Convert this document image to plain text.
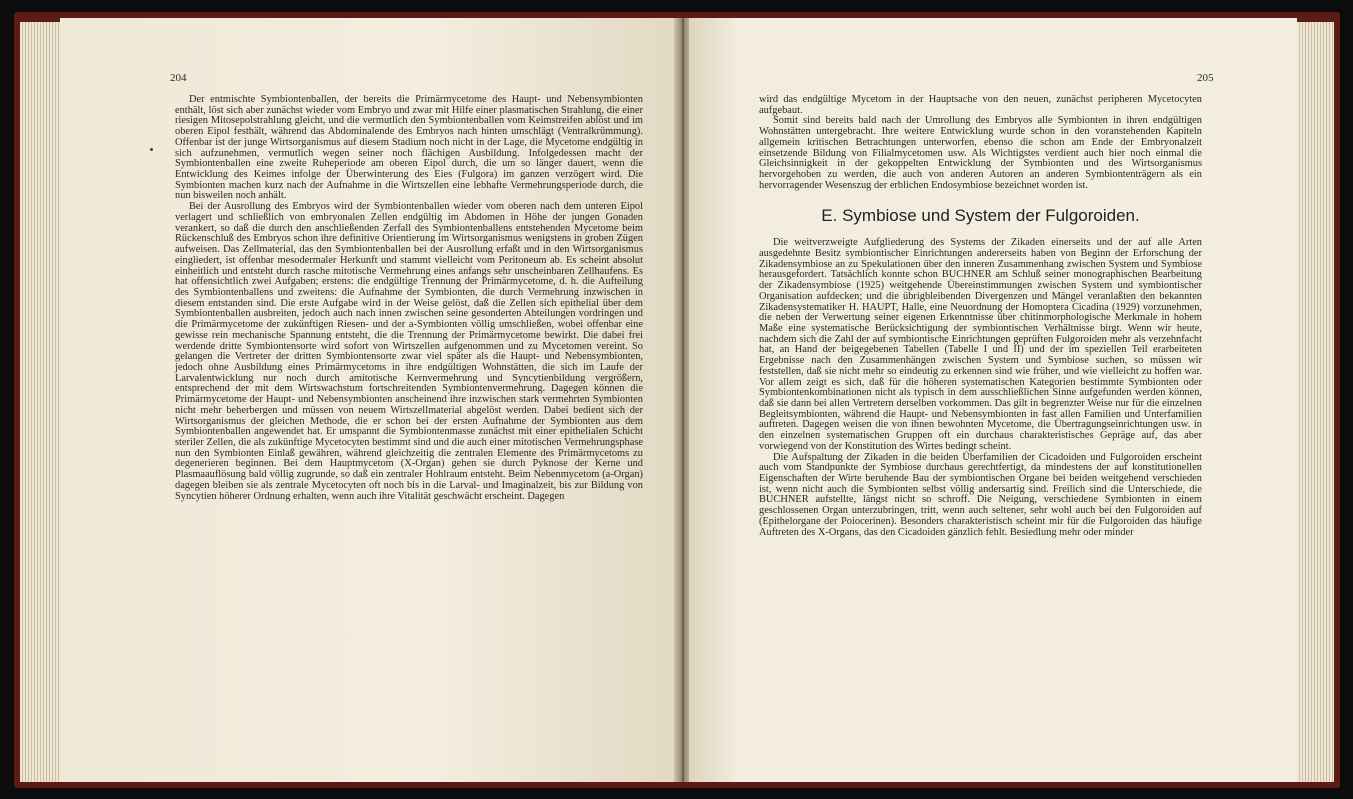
204

Der entmischte Symbiontenballen, der bereits die Primärmycetome des Haupt- und Nebensymbionten enthält, löst sich aber zunächst wieder vom Embryo und zwar mit Hilfe einer plasmatischen Strahlung, die einer riesigen Mitosepolstrahlung gleicht, und die vermutlich den Symbiontenballen vom Keimstreifen ablöst und im oberen Eipol festhält, während das Abdominalende des Embryos nach hinten umschlägt (Ventralkrümmung). Offenbar ist der junge Wirtsorganismus auf diesem Stadium noch nicht in der Lage, die Mycetome endgültig in sich aufzunehmen, vermutlich wegen seiner noch flächigen Ausbildung. Infolgedessen macht der Symbiontenballen eine zweite Ruheperiode am oberen Eipol durch, die um so länger dauert, wenn die Entwicklung des Keimes infolge der Überwinterung des Eies (Fulgora) im ganzen verzögert wird. Die Symbionten machen kurz nach der Aufnahme in die Wirtszellen eine lebhafte Vermehrungsperiode durch, die nun bisweilen noch anhält.

Bei der Ausrollung des Embryos wird der Symbiontenballen wieder vom oberen nach dem unteren Eipol verlagert und schließlich von embryonalen Zellen endgültig im Abdomen in Höhe der jungen Gonaden verankert, so daß die durch den anschließenden Zerfall des Symbiontenballens entstehenden Mycetome beim Rückenschluß des Embryos schon ihre definitive Orientierung im Wirtsorganismus wenigstens in groben Zügen aufweisen. Das Zellmaterial, das den Symbiontenballen bei der Ausrollung erfaßt und in den Wirtsorganismus eingliedert, ist offenbar mesodermaler Herkunft und stammt vielleicht vom Peritoneum ab. Es scheint absolut einheitlich und entsteht durch rasche mitotische Vermehrung eines anfangs sehr unscheinbaren Zellhaufens. Es hat offensichtlich zwei Aufgaben; erstens: die endgültige Trennung der Primärmycetome, d. h. die Aufteilung des Symbiontenballens und zweitens: die Aufnahme der Symbionten, die durch Vermehrung inzwischen in diesem entstanden sind. Die erste Aufgabe wird in der Weise gelöst, daß die Zellen sich epithelial über dem Symbiontenballen ausbreiten, jedoch auch nach innen zwischen seine gesonderten Abteilungen vordringen und die Primärmycetome der zukünftigen Riesen- und der a-Symbionten völlig umschließen, wobei offenbar eine gewisse rein mechanische Spannung entsteht, die die Trennung der Primärmycetome bewirkt. Die dabei frei werdende dritte Symbiontensorte wird sofort von Wirtszellen aufgenommen und zu Mycetomen vereint. So gelangen die Vertreter der dritten Symbiontensorte zwar viel später als die Haupt- und Nebensymbionten, jedoch ohne Ausbildung eines Primärmycetoms in ihre endgültigen Wohnstätten, die sich im Laufe der Larvalentwicklung nur noch durch amitotische Kernvermehrung und Syncytienbildung vergrößern, entsprechend der mit dem Wirtswachstum fortschreitenden Symbiontenvermehrung. Dagegen können die Primärmycetome der Haupt- und Nebensymbionten anscheinend ihre inzwischen stark vermehrten Symbionten nicht mehr beherbergen und müssen von neuem Wirtszellmaterial abgelöst werden. Dabei bedient sich der Wirtsorganismus der gleichen Methode, die er schon bei der ersten Aufnahme der Symbionten aus dem Symbiontenballen angewendet hat. Er umspannt die Symbiontenmasse zunächst mit einer epithelialen Schicht steriler Zellen, die als zukünftige Mycetocyten bestimmt sind und die auch einer mitotischen Vermehrungsphase nun den Symbionten Einlaß gewähren, während gleichzeitig die zentralen Elemente des Primärmycetoms zu degenerieren beginnen. Bei dem Hauptmycetom (X-Organ) gehen sie durch Pyknose der Kerne und Plasmaauflösung bald völlig zugrunde, so daß ein zentraler Hohlraum entsteht. Beim Nebenmycetom (a-Organ) dagegen bleiben sie als zentrale Mycetocyten oft noch bis in die Larval- und Imaginalzeit, bis zur Bildung von Syncytien höherer Ordnung erhalten, wenn auch ihre Vitalität geschwächt erscheint. Dagegen

205

wird das endgültige Mycetom in der Hauptsache von den neuen, zunächst peripheren Mycetocyten aufgebaut.

Somit sind bereits bald nach der Umrollung des Embryos alle Symbionten in ihren endgültigen Wohnstätten untergebracht. Ihre weitere Entwicklung wurde schon in den voranstehenden Kapiteln allgemein kritischen Betrachtungen unterworfen, ebenso die schon am Ende der Embryonalzeit einsetzende Bildung von Filialmycetomen usw. Als Wichtigstes verdient auch hier noch einmal die Gleichsinnigkeit in der gekoppelten Entwicklung der Symbionten und des Wirtsorganismus hervorgehoben zu werden, die auch von anderen Autoren an anderen Symbiontenträgern als ein hervorragender Wesenszug der erblichen Endosymbiose bezeichnet worden ist.

E. Symbiose und System der Fulgoroiden.

Die weitverzweigte Aufgliederung des Systems der Zikaden einerseits und der auf alle Arten ausgedehnte Besitz symbiontischer Einrichtungen andererseits haben von Beginn der Erforschung der Zikadensymbiose an zu Spekulationen über den inneren Zusammenhang zwischen System und Symbiose herausgefordert. Tatsächlich konnte schon BUCHNER am Schluß seiner monographischen Bearbeitung der Zikadensymbiose (1925) weitgehende Übereinstimmungen zwischen System und symbiontischer Organisation aufdecken; und die übrigbleibenden Divergenzen und Mängel veranlaßten den bekannten Zikadensystematiker H. HAUPT, Halle, eine Neuordnung der Homoptera Cicadina (1929) vorzunehmen, die neben der Verwertung seiner eigenen Erkenntnisse über chitinmorphologische Merkmale in hohem Maße eine systematische Berücksichtigung der symbiontischen Verhältnisse birgt. Wenn wir heute, nachdem sich die Zahl der auf symbiontische Einrichtungen geprüften Fulgoroiden mehr als verzehnfacht hat, an Hand der beigegebenen Tabellen (Tabelle I und II) und der im speziellen Teil erarbeiteten Ergebnisse nach den Zusammenhängen zwischen System und Symbiose suchen, so müssen wir feststellen, daß sie nicht mehr so eindeutig zu erkennen sind wie früher, und wie vielleicht zu hoffen war. Vor allem zeigt es sich, daß für die höheren systematischen Kategorien bestimmte Symbionten oder Symbiontenkombinationen nicht als typisch in dem ausschließlichen Sinne aufgefunden werden können, daß sie dann bei allen Vertretern derselben vorkommen. Das gilt in begrenzter Weise nur für die einzelnen Begleitsymbionten, während die Haupt- und Nebensymbionten in fast allen Familien und Unterfamilien auftreten. Dagegen weisen die von ihnen bewohnten Mycetome, die Übertragungseinrichtungen usw. in den einzelnen systematischen Gruppen oft ein durchaus charakteristisches Gepräge auf, das aber vorwiegend von der Konstitution des Wirtes bedingt scheint.

Die Aufspaltung der Zikaden in die beiden Überfamilien der Cicadoiden und Fulgoroiden erscheint auch vom Standpunkte der Symbiose durchaus gerechtfertigt, da mindestens der auf konstitutionellen Eigenschaften der Wirte beruhende Bau der symbiontischen Organe bei beiden weitgehend verschieden ist, wenn nicht auch die Symbionten selbst völlig andersartig sind. Freilich sind die Unterschiede, die BUCHNER aufstellte, längst nicht so schroff. Die Neigung, verschiedene Symbionten in einem geschlossenen Organ unterzubringen, tritt, wenn auch seltener, sehr wohl auch bei den Fulgoroiden auf (Epithelorgane der Poiocerinen). Besonders charakteristisch scheint mir für die Fulgoroiden das häufige Auftreten des X-Organs, das den Cicadoiden gänzlich fehlt. Besiedlung mehr oder minder
